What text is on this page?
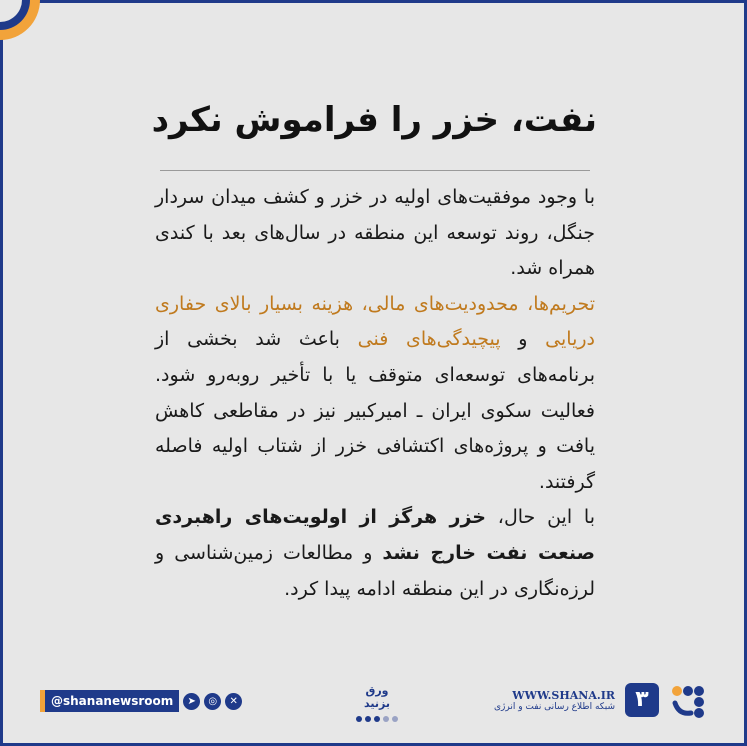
نفت، خزر را فراموش نکرد

با وجود موفقیت‌های اولیه در خزر و کشف میدان سردار جنگل، روند توسعه این منطقه در سال‌های بعد با کندی همراه شد.

تحریم‌ها، محدودیت‌های مالی، هزینه بسیار بالای حفاری دریایی و پیچیدگی‌های فنی باعث شد بخشی از برنامه‌های توسعه‌ای متوقف یا با تأخیر روبه‌رو شود. فعالیت سکوی ایران ـ امیرکبیر نیز در مقاطعی کاهش یافت و پروژه‌های اکتشافی خزر از شتاب اولیه فاصله گرفتند.

با این حال، خزر هرگز از اولویت‌های راهبردی صنعت نفت خارج نشد و مطالعات زمین‌شناسی و لرزه‌نگاری در این منطقه ادامه پیدا کرد.

@shananewsroom	➤	◎	✕
ورق بزنید
WWW.SHANA.IR
شبکه اطلاع رسانی نفت و انرژی ۳
